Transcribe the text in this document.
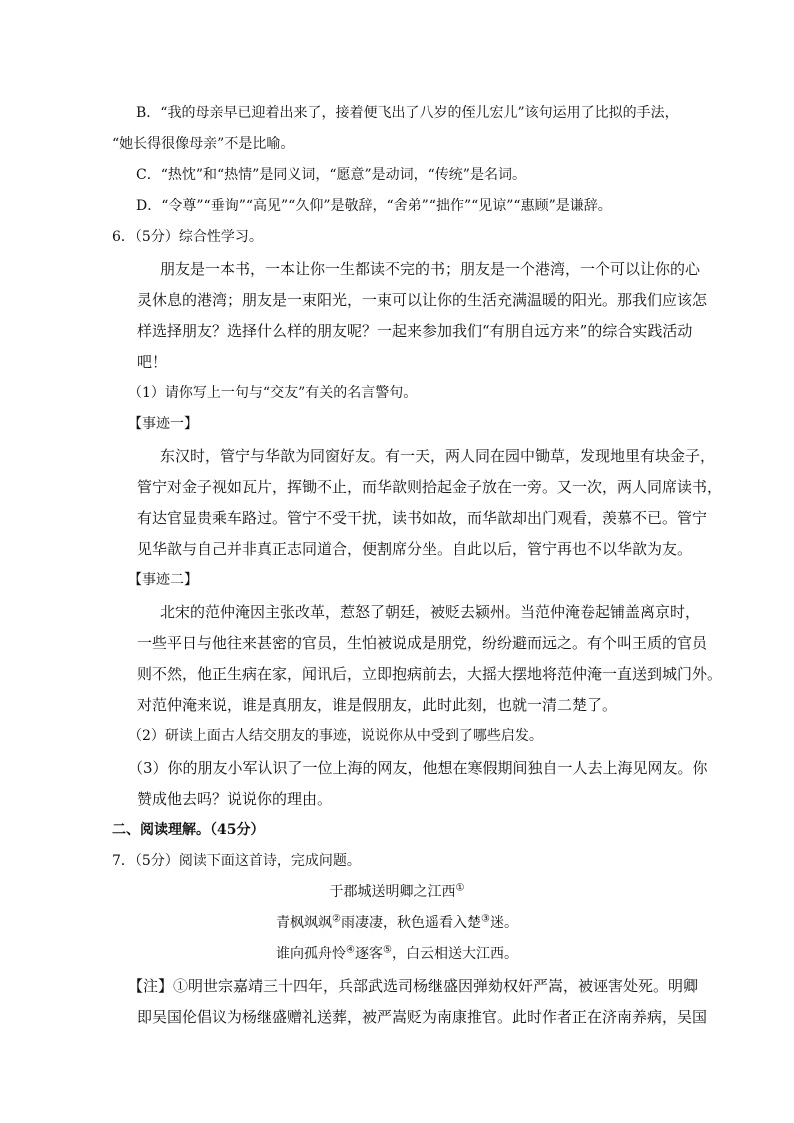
B．“我的母亲早已迎着出来了，接着便飞出了八岁的侄儿宏儿”该句运用了比拟的手法，
“她长得很像母亲”不是比喻。
C．“热忱”和“热情”是同义词，“愿意”是动词，“传统”是名词。
D．“令尊”“垂询”“高见”“久仰”是敬辞，“舍弟”“拙作”“见谅”“惠顾”是谦辞。
6．（5分）综合性学习。
朋友是一本书，一本让你一生都读不完的书；朋友是一个港湾，一个可以让你的心
灵休息的港湾；朋友是一束阳光，一束可以让你的生活充满温暖的阳光。那我们应该怎
样选择朋友？选择什么样的朋友呢？一起来参加我们“有朋自远方来”的综合实践活动
吧！
（1）请你写上一句与“交友”有关的名言警句。
【事迹一】
东汉时，管宁与华歆为同窗好友。有一天，两人同在园中锄草，发现地里有块金子，
管宁对金子视如瓦片，挥锄不止，而华歆则拾起金子放在一旁。又一次，两人同席读书，
有达官显贵乘车路过。管宁不受干扰，读书如故，而华歆却出门观看，羡慕不已。管宁
见华歆与自己并非真正志同道合，便割席分坐。自此以后，管宁再也不以华歆为友。
【事迹二】
北宋的范仲淹因主张改革，惹怒了朝廷，被贬去颍州。当范仲淹卷起铺盖离京时，
一些平日与他往来甚密的官员，生怕被说成是朋党，纷纷避而远之。有个叫王质的官员
则不然，他正生病在家，闻讯后，立即抱病前去，大摇大摆地将范仲淹一直送到城门外。
对范仲淹来说，谁是真朋友，谁是假朋友，此时此刻，也就一清二楚了。
（2）研读上面古人结交朋友的事迹，说说你从中受到了哪些启发。
（3）你的朋友小军认识了一位上海的网友，他想在寒假期间独自一人去上海见网友。你
赞成他去吗？说说你的理由。
二、阅读理解。（45分）
7．（5分）阅读下面这首诗，完成问题。
于郡城送明卿之江西①
青枫飒飒②雨凄凄，秋色遥看入楚③迷。
谁向孤舟怜④逐客⑤，白云相送大江西。
【注】①明世宗嘉靖三十四年，兵部武选司杨继盛因弹劾权奸严嵩，被诬害处死。明卿
即吴国伦倡议为杨继盛赠礼送葬，被严嵩贬为南康推官。此时作者正在济南养病，吴国
